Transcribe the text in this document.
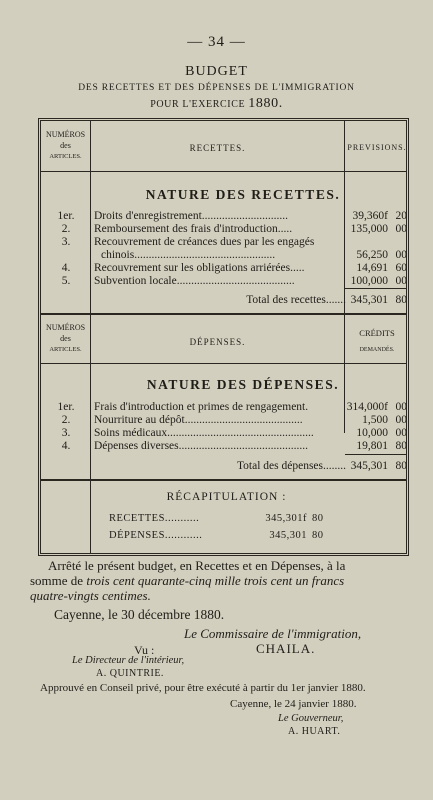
— 34 —
BUDGET
DES RECETTES ET DES DÉPENSES DE L'IMMIGRATION
POUR L'EXERCICE 1880.
NUMÉROS
des
ARTICLES.
RECETTES.	PREVISIONS.
NATURE DES RECETTES.
1er.	Droits d'enregistrement..............................	39,360f 20
2.	Remboursement des frais d'introduction.....	135,000 00
3.	Recouvrement de créances dues par les engagés
chinois.................................................	56,250 00
4.	Recouvrement sur les obligations arriérées.....	14,691 60
5.	Subvention locale.........................................	100,000 00
Total des recettes....... 345,301 80
NUMÉROS
des
ARTICLES.
DÉPENSES.
CRÉDITS
DEMANDÉS.
NATURE DES DÉPENSES.
1er.	Frais d'introduction et primes de rengagement.	314,000f 00
2.	Nourriture au dépôt.........................................	1,500 00
3.	Soins médicaux...................................................	10,000 00
4.	Dépenses diverses.............................................	19,801 80
Total des dépenses........ 345,301 80
RÉCAPITULATION :
RECETTES...........	345,301f 80
DÉPENSES............	345,301 80
Arrêté le présent budget, en Recettes et en Dépenses, à la
somme de trois cent quarante-cinq mille trois cent un francs
quatre-vingts centimes.
Cayenne, le 30 décembre 1880.
Le Commissaire de l'immigration,
Vu :	CHAILA.
Le Directeur de l'intérieur,
A. QUINTRIE.
Approuvé en Conseil privé, pour être exécuté à partir du 1er janvier 1880.
Cayenne, le 24 janvier 1880.
Le Gouverneur,
A. HUART.
